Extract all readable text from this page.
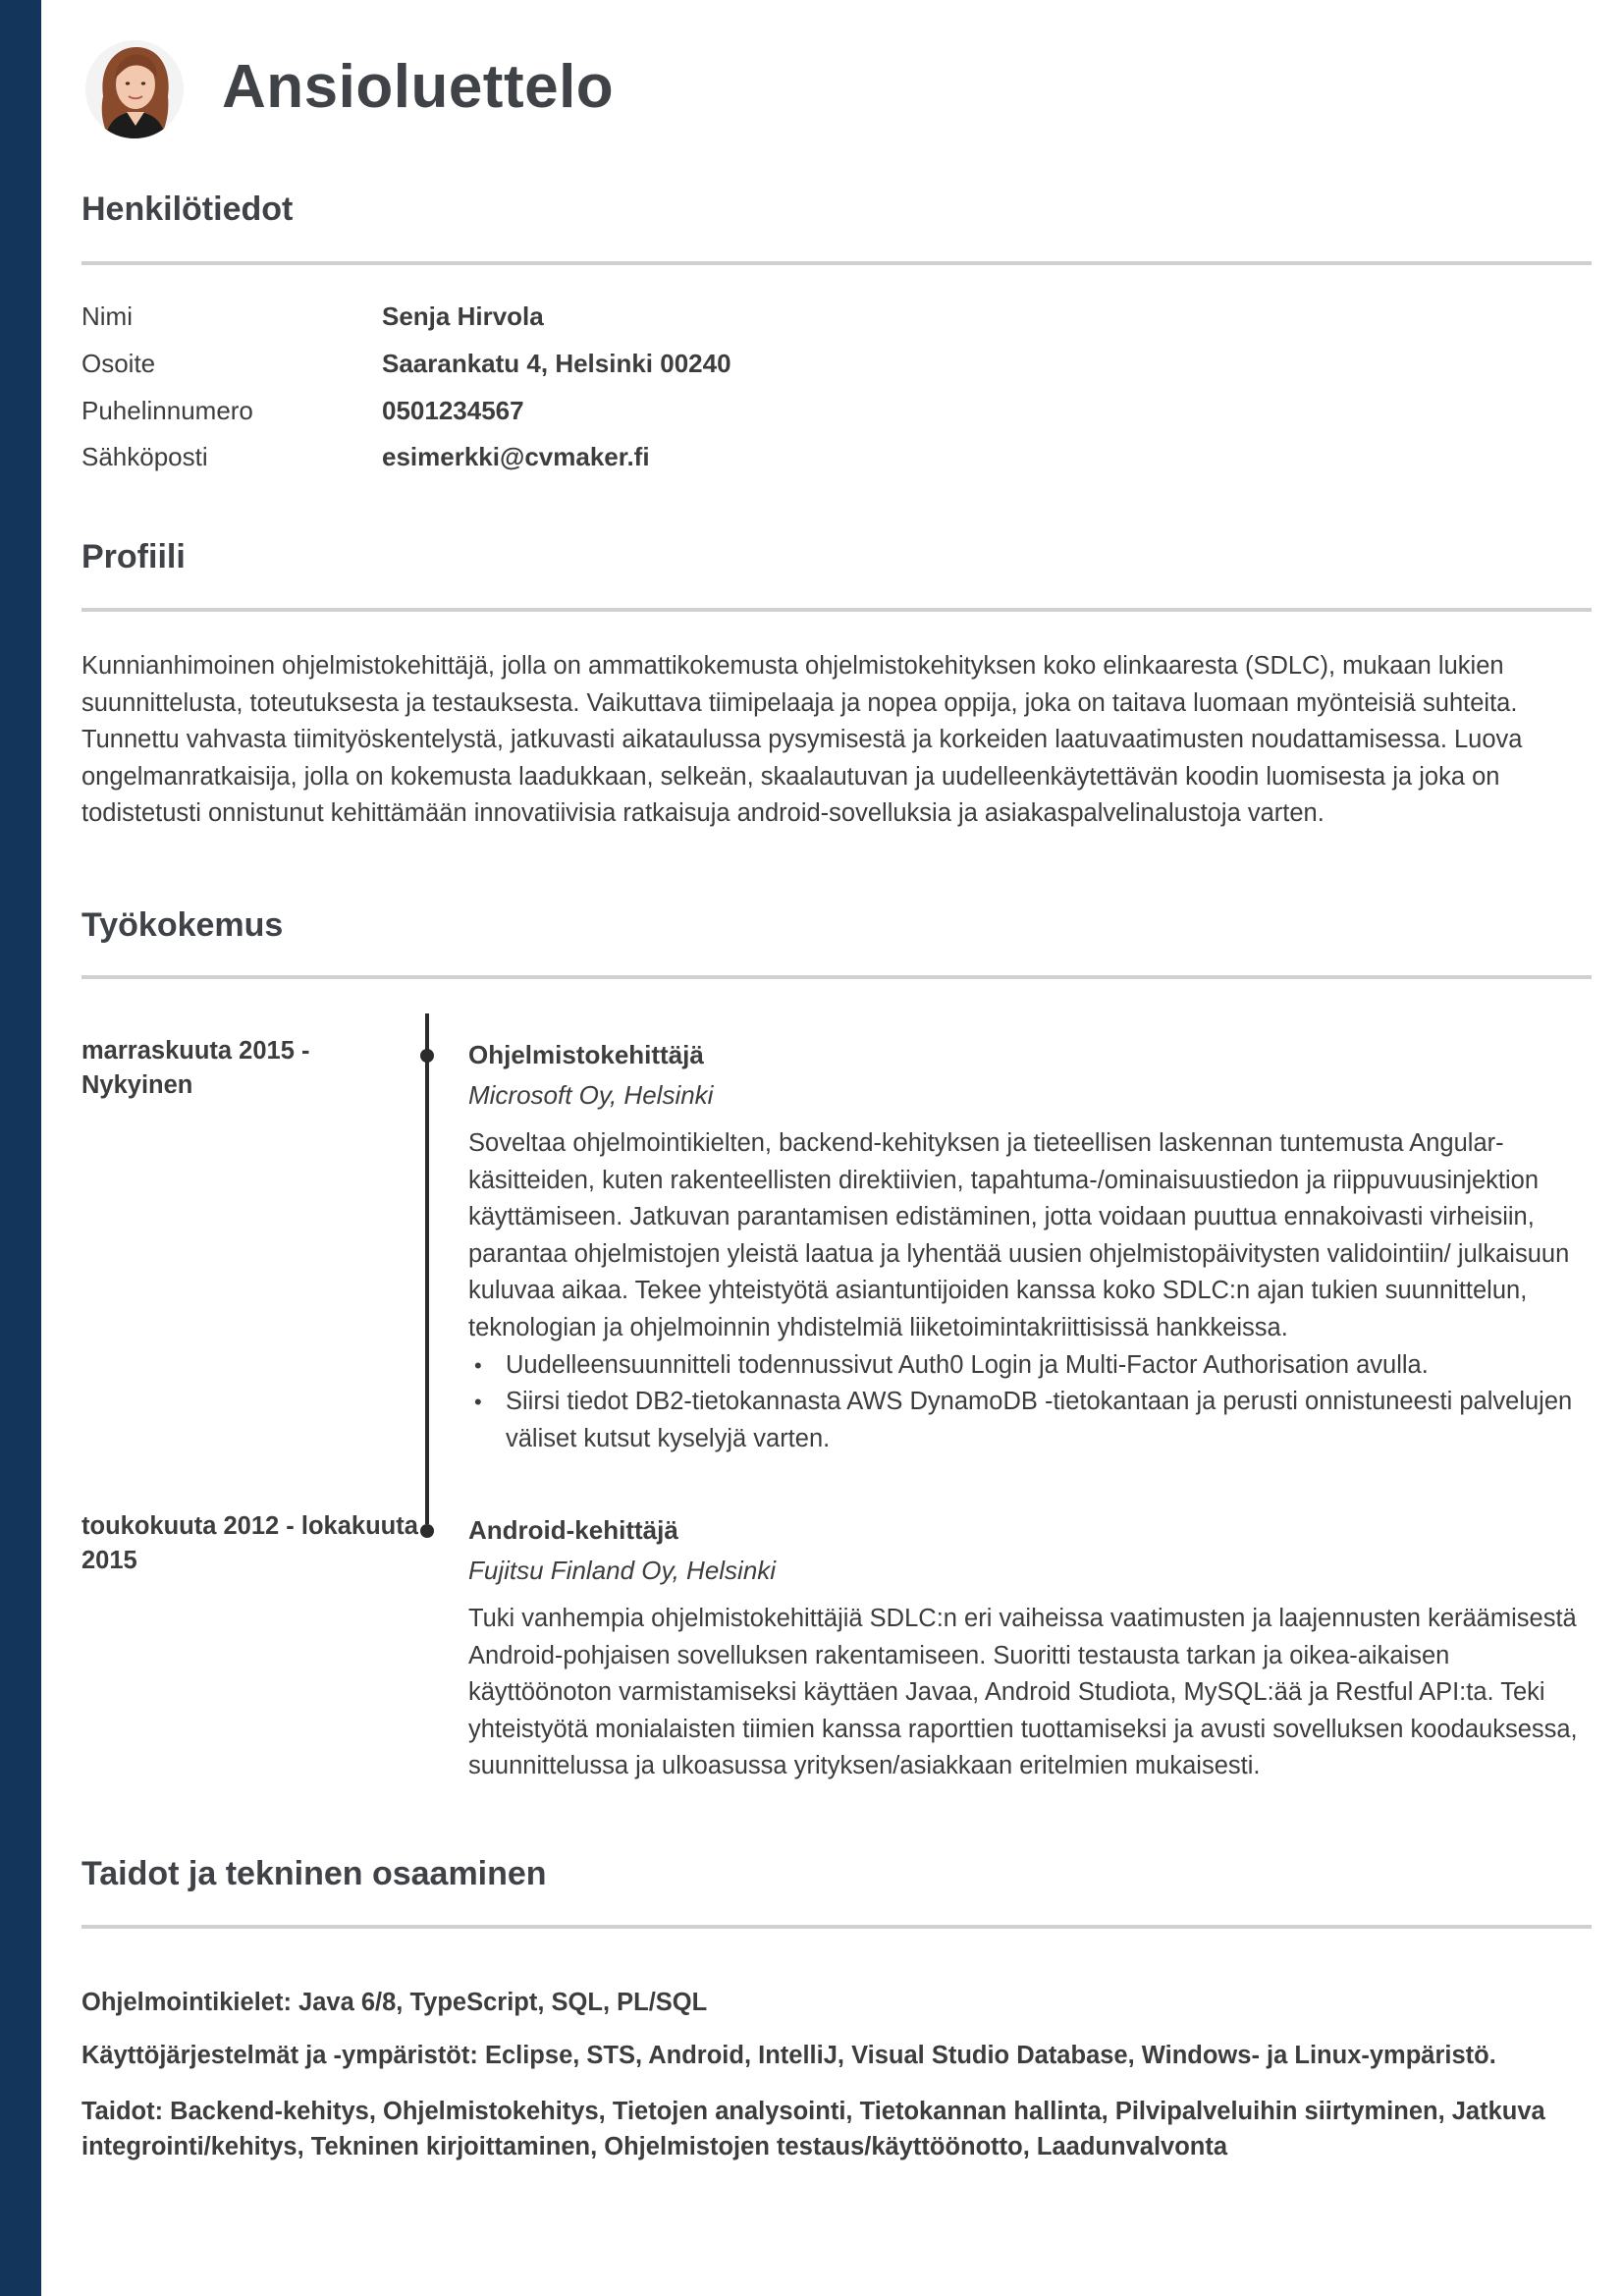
Ansioluettelo
Henkilötiedot
Nimi	Senja Hirvola
Osoite	Saarankatu 4, Helsinki 00240
Puhelinnumero	0501234567
Sähköposti	esimerkki@cvmaker.fi
Profiili
Kunnianhimoinen ohjelmistokehittäjä, jolla on ammattikokemusta ohjelmistokehityksen koko elinkaaresta (SDLC), mukaan lukien suunnittelusta, toteutuksesta ja testauksesta. Vaikuttava tiimipelaaja ja nopea oppija, joka on taitava luomaan myönteisiä suhteita. Tunnettu vahvasta tiimityöskentelystä, jatkuvasti aikataulussa pysymisestä ja korkeiden laatuvaatimusten noudattamisessa. Luova ongelmanratkaisija, jolla on kokemusta laadukkaan, selkeän, skaalautuvan ja uudelleenkäytettävän koodin luomisesta ja joka on todistetusti onnistunut kehittämään innovatiivisia ratkaisuja android-sovelluksia ja asiakaspalvelinalustoja varten.
Työkokemus
marraskuuta 2015 - Nykyinen
Ohjelmistokehittäjä
Microsoft Oy, Helsinki
Soveltaa ohjelmointikielten, backend-kehityksen ja tieteellisen laskennan tuntemusta Angular-käsitteiden, kuten rakenteellisten direktiivien, tapahtuma-/ominaisuustiedon ja riippuvuusinjektion käyttämiseen. Jatkuvan parantamisen edistäminen, jotta voidaan puuttua ennakoivasti virheisiin, parantaa ohjelmistojen yleistä laatua ja lyhentää uusien ohjelmistopäivitysten validointiin/ julkaisuun kuluvaa aikaa. Tekee yhteistyötä asiantuntijoiden kanssa koko SDLC:n ajan tukien suunnittelun, teknologian ja ohjelmoinnin yhdistelmiä liiketoimintakriittisissä hankkeissa.
• Uudelleensuunnitteli todennussivut Auth0 Login ja Multi-Factor Authorisation avulla.
• Siirsi tiedot DB2-tietokannasta AWS DynamoDB -tietokantaan ja perusti onnistuneesti palvelujen väliset kutsut kyselyjä varten.
toukokuuta 2012 - lokakuuta 2015
Android-kehittäjä
Fujitsu Finland Oy, Helsinki
Tuki vanhempia ohjelmistokehittäjiä SDLC:n eri vaiheissa vaatimusten ja laajennusten keräämisestä Android-pohjaisen sovelluksen rakentamiseen. Suoritti testausta tarkan ja oikea-aikaisen käyttöönoton varmistamiseksi käyttäen Javaa, Android Studiota, MySQL:ää ja Restful API:ta. Teki yhteistyötä monialaisten tiimien kanssa raporttien tuottamiseksi ja avusti sovelluksen koodauksessa, suunnittelussa ja ulkoasussa yrityksen/asiakkaan eritelmien mukaisesti.
Taidot ja tekninen osaaminen
Ohjelmointikielet: Java 6/8, TypeScript, SQL, PL/SQL
Käyttöjärjestelmät ja -ympäristöt: Eclipse, STS, Android, IntelliJ, Visual Studio Database, Windows- ja Linux-ympäristö.
Taidot: Backend-kehitys, Ohjelmistokehitys, Tietojen analysointi, Tietokannan hallinta, Pilvipalveluihin siirtyminen, Jatkuva integrointi/kehitys, Tekninen kirjoittaminen, Ohjelmistojen testaus/käyttöönotto, Laadunvalvonta
